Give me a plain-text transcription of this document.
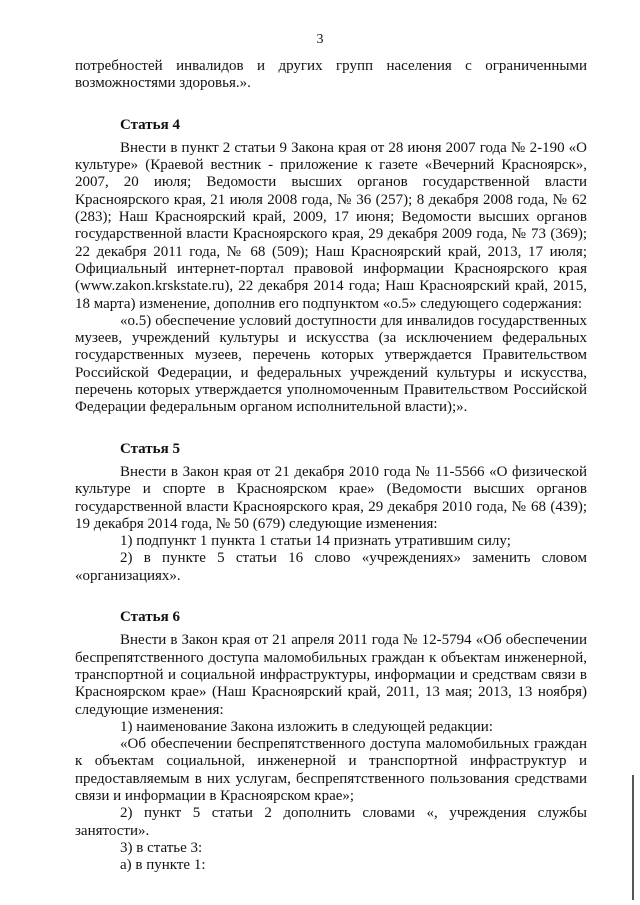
3

потребностей инвалидов и других групп населения с ограниченными возможностями здоровья.».

Статья 4

Внести в пункт 2 статьи 9 Закона края от 28 июня 2007 года № 2-190 «О культуре» (Краевой вестник - приложение к газете «Вечерний Красноярск», 2007, 20 июля; Ведомости высших органов государственной власти Красноярского края, 21 июля 2008 года, № 36 (257); 8 декабря 2008 года, № 62 (283); Наш Красноярский край, 2009, 17 июня; Ведомости высших органов государственной власти Красноярского края, 29 декабря 2009 года, № 73 (369); 22 декабря 2011 года, № 68 (509); Наш Красноярский край, 2013, 17 июля; Официальный интернет-портал правовой информации Красноярского края (www.zakon.krskstate.ru), 22 декабря 2014 года; Наш Красноярский край, 2015, 18 марта) изменение, дополнив его подпунктом «о.5» следующего содержания:

«о.5) обеспечение условий доступности для инвалидов государственных музеев, учреждений культуры и искусства (за исключением федеральных государственных музеев, перечень которых утверждается Правительством Российской Федерации, и федеральных учреждений культуры и искусства, перечень которых утверждается уполномоченным Правительством Российской Федерации федеральным органом исполнительной власти);».

Статья 5

Внести в Закон края от 21 декабря 2010 года № 11-5566 «О физической культуре и спорте в Красноярском крае» (Ведомости высших органов государственной власти Красноярского края, 29 декабря 2010 года, № 68 (439); 19 декабря 2014 года, № 50 (679) следующие изменения:

1) подпункт 1 пункта 1 статьи 14 признать утратившим силу;

2) в пункте 5 статьи 16 слово «учреждениях» заменить словом «организациях».

Статья 6

Внести в Закон края от 21 апреля 2011 года № 12-5794 «Об обеспечении беспрепятственного доступа маломобильных граждан к объектам инженерной, транспортной и социальной инфраструктуры, информации и средствам связи в Красноярском крае» (Наш Красноярский край, 2011, 13 мая; 2013, 13 ноября) следующие изменения:

1) наименование Закона изложить в следующей редакции:

«Об обеспечении беспрепятственного доступа маломобильных граждан к объектам социальной, инженерной и транспортной инфраструктур и предоставляемым в них услугам, беспрепятственного пользования средствами связи и информации в Красноярском крае»;

2) пункт 5 статьи 2 дополнить словами «, учреждения службы занятости».

3) в статье 3:

а) в пункте 1:
